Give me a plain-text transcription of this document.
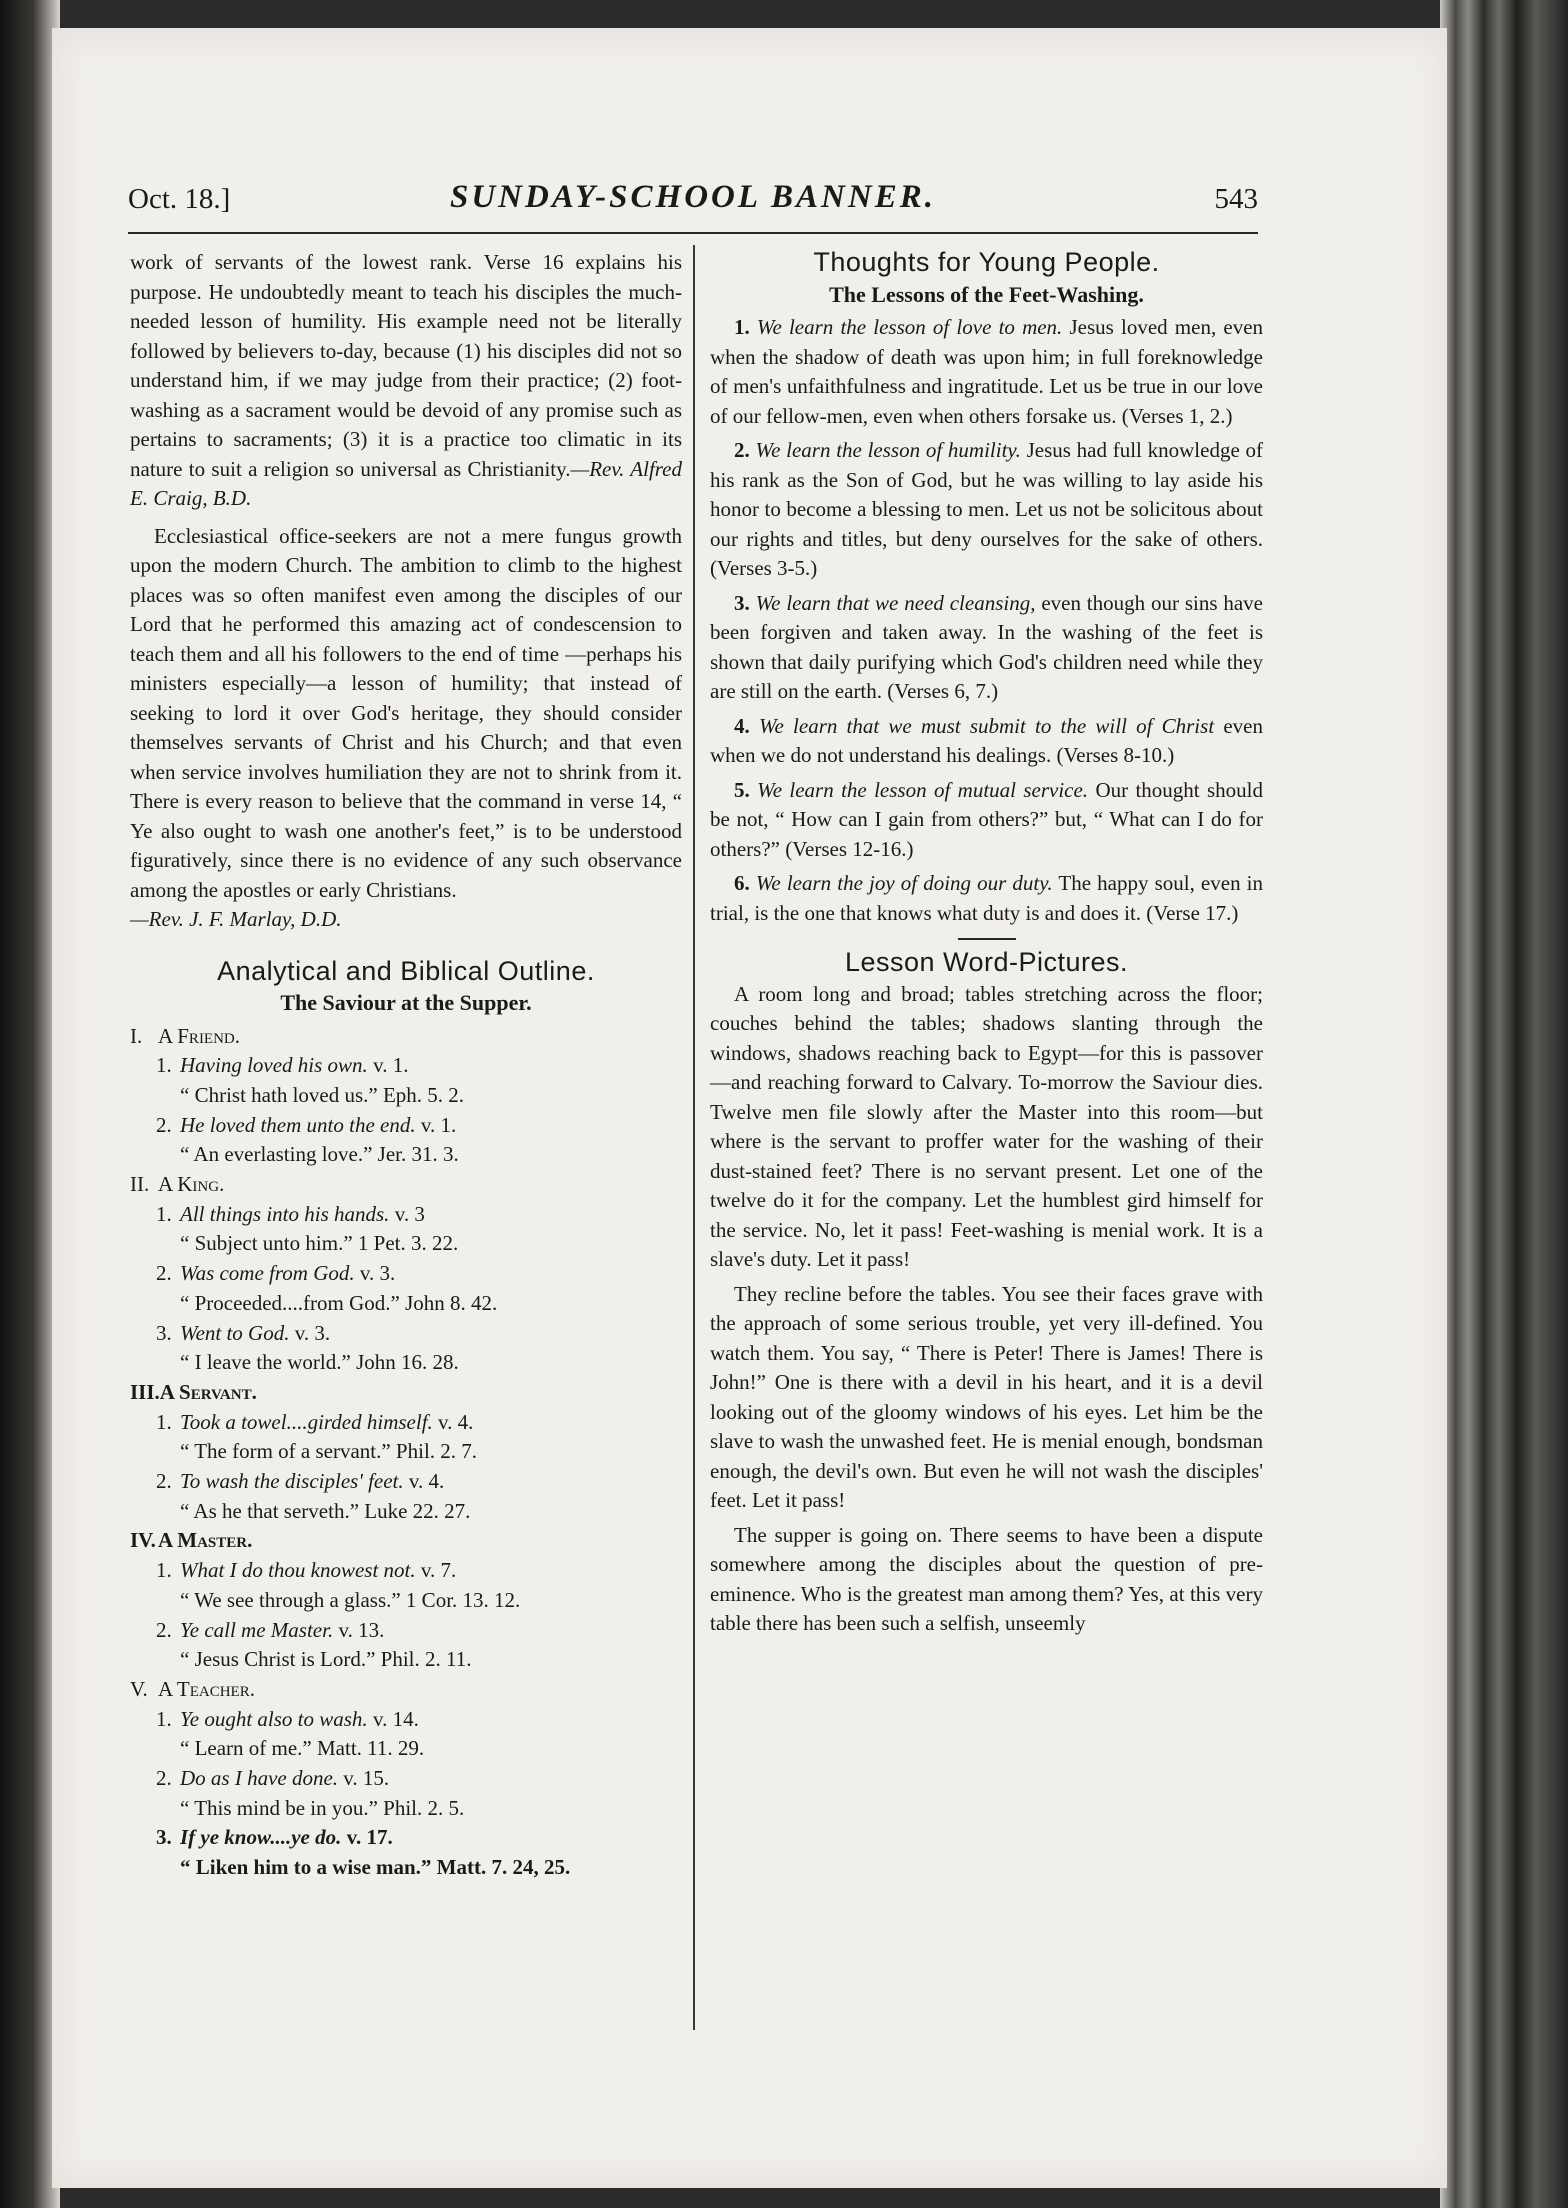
Oct. 18.]	SUNDAY-SCHOOL BANNER.	543

work of servants of the lowest rank. Verse 16 explains his purpose. He undoubtedly meant to teach his disciples the much-needed lesson of humility. His example need not be literally followed by believers to-day, because (1) his disciples did not so understand him, if we may judge from their practice; (2) foot-washing as a sacrament would be devoid of any promise such as pertains to sacraments; (3) it is a practice too climatic in its nature to suit a religion so universal as Christianity.—Rev. Alfred E. Craig, B.D.

Ecclesiastical office-seekers are not a mere fungus growth upon the modern Church. The ambition to climb to the highest places was so often manifest even among the disciples of our Lord that he performed this amazing act of condescension to teach them and all his followers to the end of time —perhaps his ministers especially—a lesson of humility; that instead of seeking to lord it over God's heritage, they should consider themselves servants of Christ and his Church; and that even when service involves humiliation they are not to shrink from it. There is every reason to believe that the command in verse 14, “ Ye also ought to wash one another's feet,” is to be understood figuratively, since there is no evidence of any such observance among the apostles or early Christians.
—Rev. J. F. Marlay, D.D.

Analytical and Biblical Outline.
The Saviour at the Supper.
I. A Friend.
1. Having loved his own. v. 1.
“ Christ hath loved us.” Eph. 5. 2.
2. He loved them unto the end. v. 1.
“ An everlasting love.” Jer. 31. 3.
II. A King.
1. All things into his hands. v. 3
“ Subject unto him.” 1 Pet. 3. 22.
2. Was come from God. v. 3.
“ Proceeded....from God.” John 8. 42.
3. Went to God. v. 3.
“ I leave the world.” John 16. 28.
III.A Servant.
1. Took a towel....girded himself. v. 4.
“ The form of a servant.” Phil. 2. 7.
2. To wash the disciples' feet. v. 4.
“ As he that serveth.” Luke 22. 27.
IV. A Master.
1. What I do thou knowest not. v. 7.
“ We see through a glass.” 1 Cor. 13. 12.
2. Ye call me Master. v. 13.
“ Jesus Christ is Lord.” Phil. 2. 11.
V. A Teacher.
1. Ye ought also to wash. v. 14.
“ Learn of me.” Matt. 11. 29.
2. Do as I have done. v. 15.
“ This mind be in you.” Phil. 2. 5.
3. If ye know....ye do. v. 17.
“ Liken him to a wise man.” Matt. 7. 24, 25.
Thoughts for Young People.
The Lessons of the Feet-Washing.

1. We learn the lesson of love to men. Jesus loved men, even when the shadow of death was upon him; in full foreknowledge of men's unfaithfulness and ingratitude. Let us be true in our love of our fellow-men, even when others forsake us. (Verses 1, 2.)

2. We learn the lesson of humility. Jesus had full knowledge of his rank as the Son of God, but he was willing to lay aside his honor to become a blessing to men. Let us not be solicitous about our rights and titles, but deny ourselves for the sake of others. (Verses 3-5.)

3. We learn that we need cleansing, even though our sins have been forgiven and taken away. In the washing of the feet is shown that daily purifying which God's children need while they are still on the earth. (Verses 6, 7.)

4. We learn that we must submit to the will of Christ even when we do not understand his dealings. (Verses 8-10.)

5. We learn the lesson of mutual service. Our thought should be not, “ How can I gain from others?” but, “ What can I do for others?” (Verses 12-16.)

6. We learn the joy of doing our duty. The happy soul, even in trial, is the one that knows what duty is and does it. (Verse 17.)

Lesson Word-Pictures.

A room long and broad; tables stretching across the floor; couches behind the tables; shadows slanting through the windows, shadows reaching back to Egypt—for this is passover—and reaching forward to Calvary. To-morrow the Saviour dies. Twelve men file slowly after the Master into this room—but where is the servant to proffer water for the washing of their dust-stained feet? There is no servant present. Let one of the twelve do it for the company. Let the humblest gird himself for the service. No, let it pass! Feet-washing is menial work. It is a slave's duty. Let it pass!

They recline before the tables. You see their faces grave with the approach of some serious trouble, yet very ill-defined. You watch them. You say, “ There is Peter! There is James! There is John!” One is there with a devil in his heart, and it is a devil looking out of the gloomy windows of his eyes. Let him be the slave to wash the unwashed feet. He is menial enough, bondsman enough, the devil's own. But even he will not wash the disciples' feet. Let it pass!

The supper is going on. There seems to have been a dispute somewhere among the disciples about the question of pre-eminence. Who is the greatest man among them? Yes, at this very table there has been such a selfish, unseemly
